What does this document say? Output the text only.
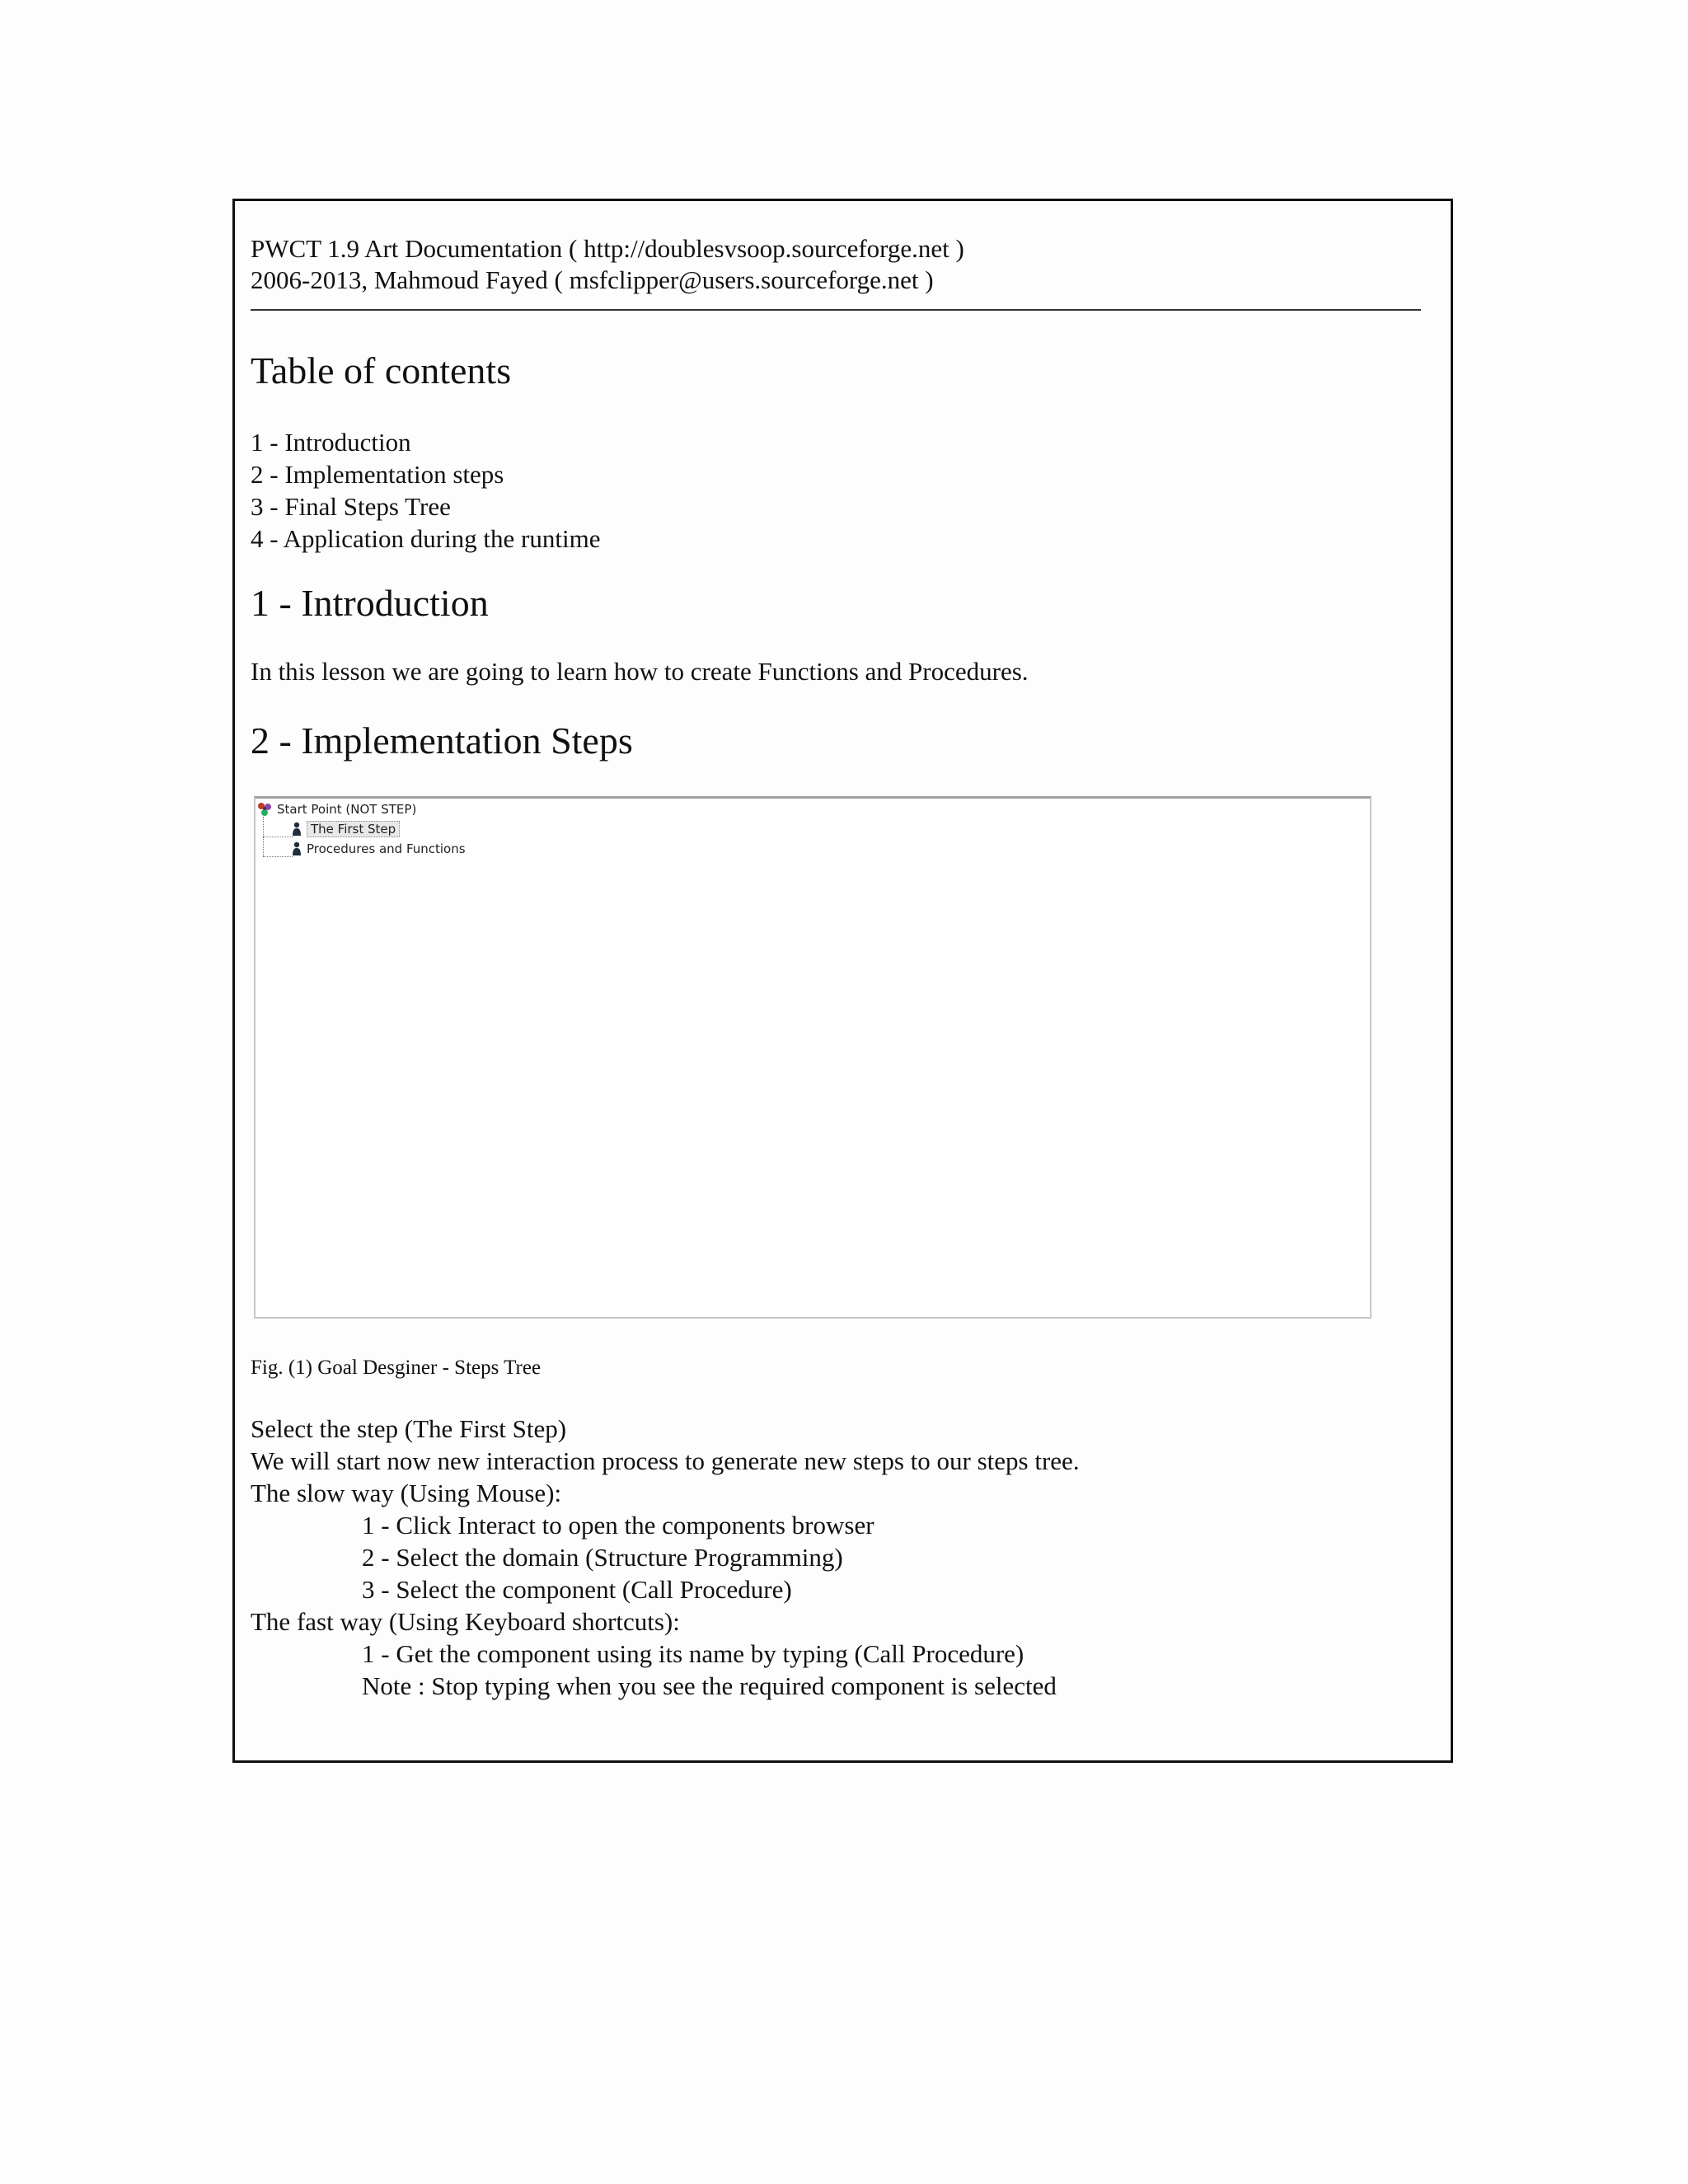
PWCT 1.9 Art Documentation ( http://doublesvsoop.sourceforge.net )
2006-2013, Mahmoud Fayed ( msfclipper@users.sourceforge.net )
Table of contents
1 - Introduction
2 - Implementation steps
3 - Final Steps Tree
4 - Application during the runtime
1 - Introduction
In this lesson we are going to learn how to create Functions and Procedures.
2 - Implementation Steps
Start Point (NOT STEP)
The First Step
Procedures and Functions
Fig. (1) Goal Desginer - Steps Tree
Select the step (The First Step)
We will start now new interaction process to generate new steps to our steps tree.
The slow way (Using Mouse):
1 - Click Interact to open the components browser
2 - Select the domain (Structure Programming)
3 - Select the component (Call Procedure)
The fast way (Using Keyboard shortcuts):
1 - Get the component using its name by typing (Call Procedure)
Note : Stop typing when you see the required component is selected
